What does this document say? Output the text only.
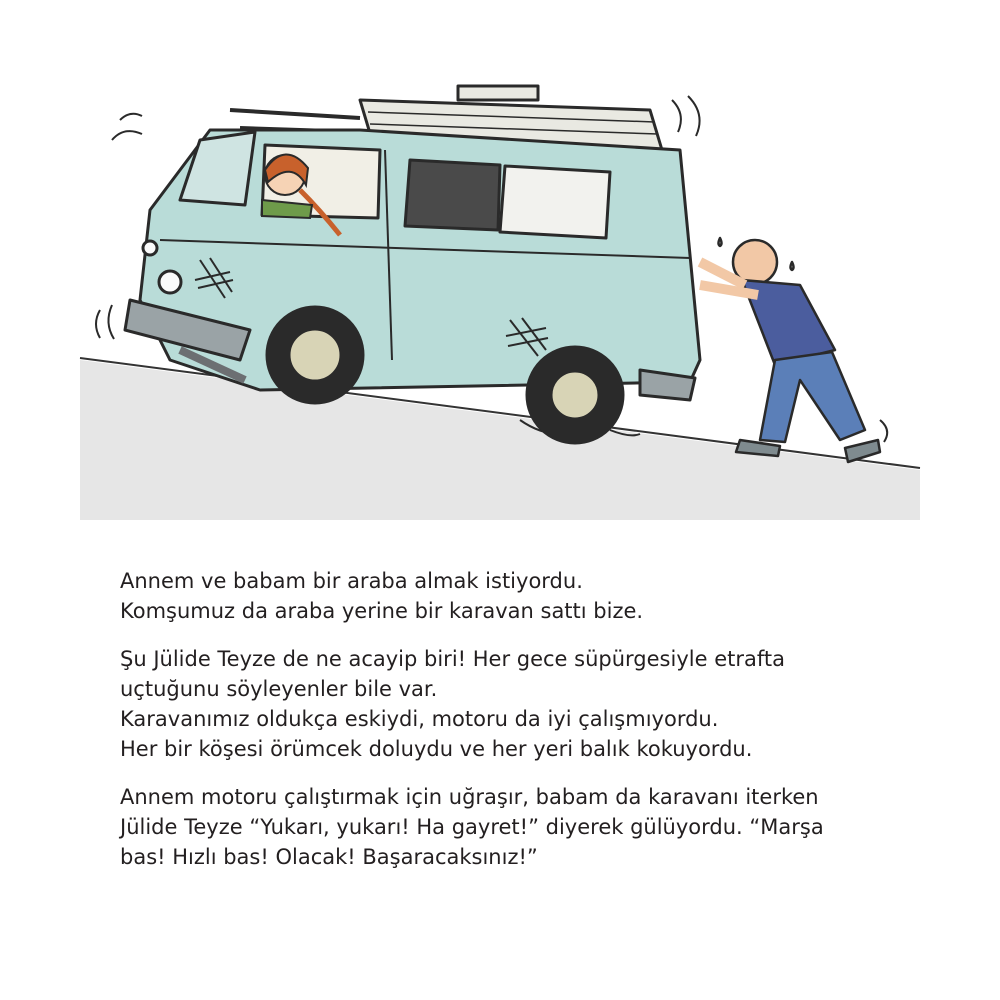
Annem ve babam bir araba almak istiyordu.
Komşumuz da araba yerine bir karavan sattı bize.

Şu Jülide Teyze de ne acayip biri! Her gece süpürgesiyle etrafta
uçtuğunu söyleyenler bile var.
Karavanımız oldukça eskiydi, motoru da iyi çalışmıyordu.
Her bir köşesi örümcek doluydu ve her yeri balık kokuyordu.

Annem motoru çalıştırmak için uğraşır, babam da karavanı iterken
Jülide Teyze “Yukarı, yukarı! Ha gayret!” diyerek gülüyordu. “Marşa
bas! Hızlı bas! Olacak! Başaracaksınız!”
